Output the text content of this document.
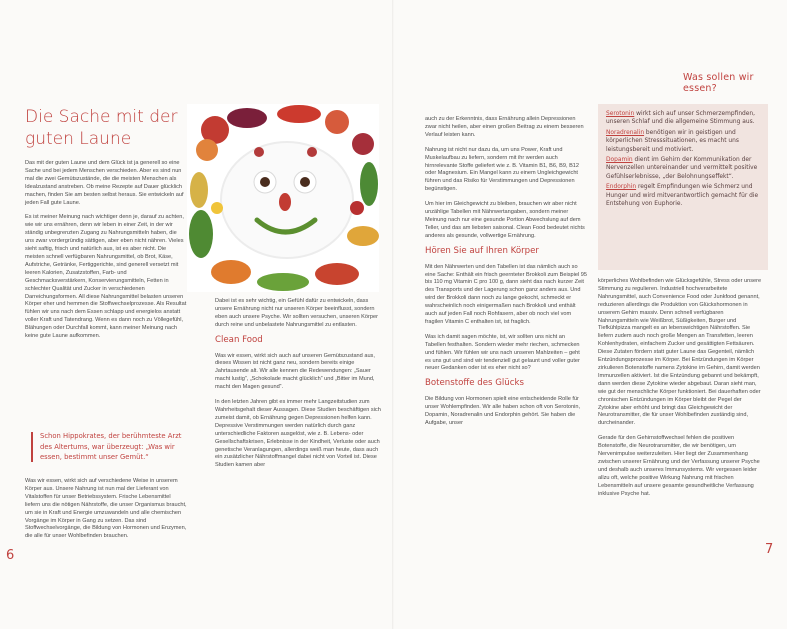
Was sollen wir essen?
Die Sache mit der guten Laune

Das mit der guten Laune und dem Glück ist ja generell so eine Sache und bei jedem Menschen verschieden. Aber es sind nun mal die zwei Gemütszustände, die die meisten Menschen als Idealzustand anstreben. Ob meine Rezepte auf Dauer glücklich machen, finden Sie am besten selbst heraus. Sie entwickeln auf jeden Fall gute Laune.

Es ist meiner Meinung nach wichtiger denn je, darauf zu achten, wie wir uns ernähren, denn wir leben in einer Zeit, in der wir ständig unbegrenzten Zugang zu Nahrungsmitteln haben, die uns zwar vordergründig sättigen, aber eben nicht nähren. Vieles sieht saftig, frisch und natürlich aus, ist es aber nicht. Die meisten schnell verfügbaren Nahrungsmittel, ob Brot, Käse, Aufstriche, Getränke, Fertiggerichte, sind generell versetzt mit leeren Kalorien, Zusatzstoffen, Farb- und Geschmacksverstärkern, Konservierungsmitteln, Fetten in schlechter Qualität und Zucker in verschiedenen Darreichungsformen. All diese Nahrungsmittel belasten unseren Körper eher und hemmen die Stoffwechselprozesse. Als Resultat fühlen wir uns nach dem Essen schlapp und energielos anstatt voller Kraft und Tatendrang. Wenn es dann noch zu Völlegefühl, Blähungen oder Durchfall kommt, kann meiner Meinung nach keine gute Laune aufkommen.

Schon Hippokrates, der berühmteste Arzt des Altertums, war überzeugt: „Was wir essen, bestimmt unser Gemüt.“

Was wir essen, wirkt sich auf verschiedene Weise in unserem Körper aus. Unsere Nahrung ist nun mal der Lieferant von Vitalstoffen für unser Betriebssystem. Frische Lebensmittel liefern uns die nötigen Nährstoffe, die unser Organismus braucht, um sie in Kraft und Energie umzuwandeln und alle chemischen Vorgänge im Körper in Gang zu setzen. Das sind Stoffwechselvorgänge, die Bildung von Hormonen und Enzymen, die alle für unser Wohlbefinden brauchen.

Dabei ist es sehr wichtig, ein Gefühl dafür zu entwickeln, dass unsere Ernährung nicht nur unseren Körper beeinflusst, sondern eben auch unsere Psyche. Wir sollten versuchen, unseren Körper durch reine und unbelastete Nahrungsmittel zu entlasten.

Clean Food

Was wir essen, wirkt sich auch auf unseren Gemütszustand aus, dieses Wissen ist nicht ganz neu, sondern bereits einige Jahrtausende alt. Wir alle kennen die Redewendungen: „Sauer macht lustig“, „Schokolade macht glücklich“ und „Bitter im Mund, macht den Magen gesund“.

In den letzten Jahren gibt es immer mehr Langzeitstudien zum Wahrheitsgehalt dieser Aussagen. Diese Studien beschäftigen sich zumeist damit, ob Ernährung gegen Depressionen helfen kann. Depressive Verstimmungen werden natürlich durch ganz unterschiedliche Faktoren ausgelöst, wie z. B. Lebens- oder Gesellschaftskrisen, Erlebnisse in der Kindheit, Verluste oder auch genetische Veranlagungen, allerdings weiß man heute, dass auch ein zusätzlicher Nährstoffmangel dabei nicht von Vorteil ist. Diese Studien kamen aber

auch zu der Erkenntnis, dass Ernährung allein Depressionen zwar nicht heilen, aber einen großen Beitrag zu einem besseren Verlauf leisten kann.

Nahrung ist nicht nur dazu da, um uns Power, Kraft und Muskelaufbau zu liefern, sondern mit ihr werden auch hirnrelevante Stoffe geliefert wie z. B. Vitamin B1, B6, B9, B12 oder Magnesium. Ein Mangel kann zu einem Ungleichgewicht führen und das Risiko für Verstimmungen und Depressionen begünstigen.

Um hier im Gleichgewicht zu bleiben, brauchen wir aber nicht unzählige Tabellen mit Nährwertangaben, sondern meiner Meinung nach nur eine gesunde Portion Abwechslung auf dem Teller, und das am liebsten saisonal. Clean Food bedeutet nichts anderes als gesunde, vollwertige Ernährung.

Hören Sie auf Ihren Körper

Mit den Nährwerten und den Tabellen ist das nämlich auch so eine Sache: Enthält ein frisch geernteter Brokkoli zum Beispiel 95 bis 110 mg Vitamin C pro 100 g, dann sieht das nach kurzer Zeit des Transports und der Lagerung schon ganz anders aus. Und wird der Brokkoli dann noch zu lange gekocht, schmeckt er wahrscheinlich noch einigermaßen nach Brokkoli und enthält auch auf jeden Fall noch Rohfasern, aber ob noch viel vom fragilen Vitamin C enthalten ist, ist fraglich.

Was ich damit sagen möchte, ist, wir sollten uns nicht an Tabellen festhalten. Sondern wieder mehr riechen, schmecken und fühlen. Wir fühlen wir uns nach unseren Mahlzeiten – geht es uns gut und sind wir tendenziell gut gelaunt und voller guter neuer Gedanken oder ist es eher nicht so?

Botenstoffe des Glücks

Die Bildung von Hormonen spielt eine entscheidende Rolle für unser Wohlempfinden. Wir alle haben schon oft von Serotonin, Dopamin, Noradrenalin und Endorphin gehört. Sie haben die Aufgabe, unser

Serotonin wirkt sich auf unser Schmerzempfinden, unseren Schlaf und die allgemeine Stimmung aus.

Noradrenalin benötigen wir in geistigen und körperlichen Stresssituationen, es macht uns leistungsbereit und motiviert.

Dopamin dient im Gehirn der Kommunikation der Nervenzellen untereinander und vermittelt positive Gefühlserlebnisse, „der Belohnungseffekt“.

Endorphin regelt Empfindungen wie Schmerz und Hunger und wird mitverantwortlich gemacht für die Entstehung von Euphorie.

körperliches Wohlbefinden wie Glücksgefühle, Stress oder unsere Stimmung zu regulieren. Industriell hochverarbeitete Nahrungsmittel, auch Convenience Food oder Junkfood genannt, reduzieren allerdings die Produktion von Glückshormonen in unserem Gehirn massiv. Denn schnell verfügbaren Nahrungsmitteln wie Weißbrot, Süßigkeiten, Burger und Tiefkühlpizza mangelt es an lebenswichtigen Nährstoffen. Sie liefern zudem auch noch große Mengen an Transfetten, leeren Kohlenhydraten, einfachem Zucker und gesättigten Fettsäuren. Diese Zutaten fördern statt guter Laune das Gegenteil, nämlich Entzündungsprozesse im Körper. Bei Entzündungen im Körper zirkulieren Botenstoffe namens Zytokine im Gehirn, damit werden Immunzellen aktiviert. Ist die Entzündung gebannt und bekämpft, dann werden diese Zytokine wieder abgebaut. Daran sieht man, wie gut der menschliche Körper funktioniert. Bei dauerhaften oder chronischen Entzündungen im Körper bleibt der Pegel der Zytokine aber erhöht und bringt das Gleichgewicht der Neurotransmitter, die für unser Wohlbefinden zuständig sind, durcheinander.

Gerade für den Gehirnstoffwechsel fehlen die positiven Botenstoffe, die Neurotransmitter, die wir benötigen, um Nervenimpulse weiterzuleiten. Hier liegt der Zusammenhang zwischen unserer Ernährung und der Verfassung unserer Psyche und deshalb auch unseres Immunsystems. Wir vergessen leider allzu oft, welche positive Wirkung Nahrung mit frischen Lebensmitteln auf unsere gesamte gesundheitliche Verfassung inklusive Psyche hat.

6	7
